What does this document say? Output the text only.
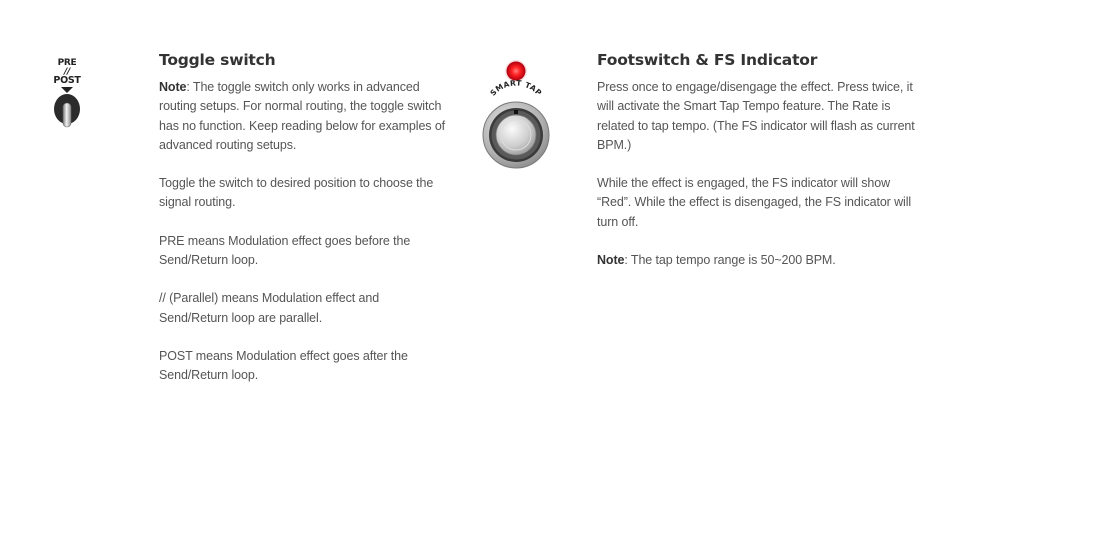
PRE
//
POST
SMART TAP
Toggle switch

Note: The toggle switch only works in advanced routing setups. For normal routing, the toggle switch has no function. Keep reading below for examples of advanced routing setups.

Toggle the switch to desired position to choose the signal routing.

PRE means Modulation effect goes before the Send/Return loop.

// (Parallel) means Modulation effect and Send/Return loop are parallel.

POST means Modulation effect goes after the Send/Return loop.

Footswitch & FS Indicator

Press once to engage/disengage the effect. Press twice, it will activate the Smart Tap Tempo feature. The Rate is related to tap tempo. (The FS indicator will flash as current BPM.)

While the effect is engaged, the FS indicator will show “Red”. While the effect is disengaged, the FS indicator will turn off.

Note: The tap tempo range is 50~200 BPM.
